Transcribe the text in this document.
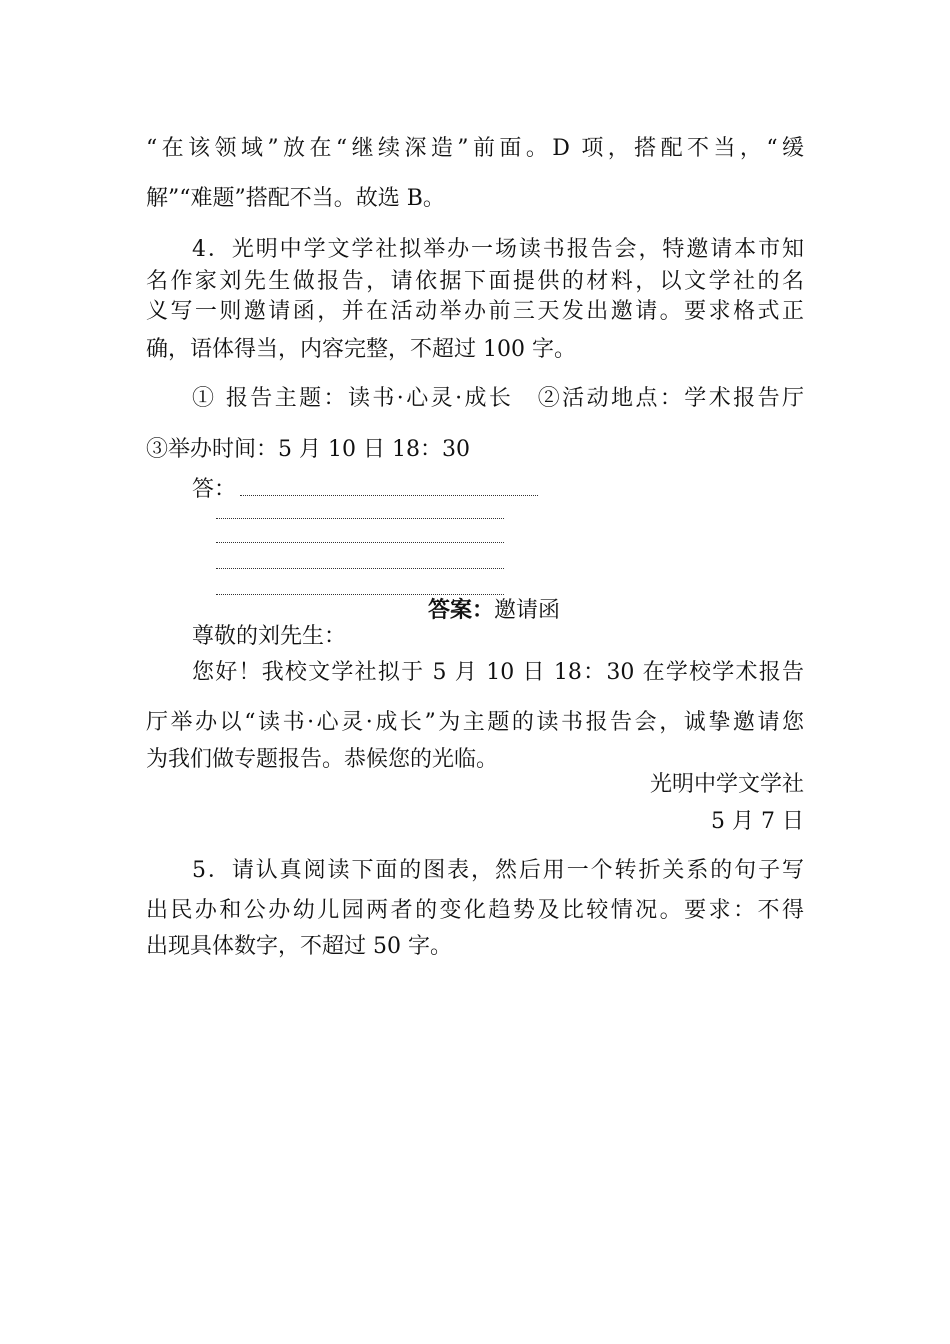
“在该领域”放在“继续深造”前面。D 项，搭配不当，“缓
解”“难题”搭配不当。故选 B。
4．光明中学文学社拟举办一场读书报告会，特邀请本市知
名作家刘先生做报告，请依据下面提供的材料，以文学社的名
义写一则邀请函，并在活动举办前三天发出邀请。要求格式正
确，语体得当，内容完整，不超过 100 字。
① 报告主题：读书·心灵·成长　②活动地点：学术报告厅
③举办时间：5 月 10 日 18：30
答：
答案：邀请函
尊敬的刘先生：
您好！我校文学社拟于 5 月 10 日 18：30 在学校学术报告
厅举办以“读书·心灵·成长”为主题的读书报告会，诚挚邀请您
为我们做专题报告。恭候您的光临。
光明中学文学社
5 月 7 日
5．请认真阅读下面的图表，然后用一个转折关系的句子写
出民办和公办幼儿园两者的变化趋势及比较情况。要求：不得
出现具体数字，不超过 50 字。
